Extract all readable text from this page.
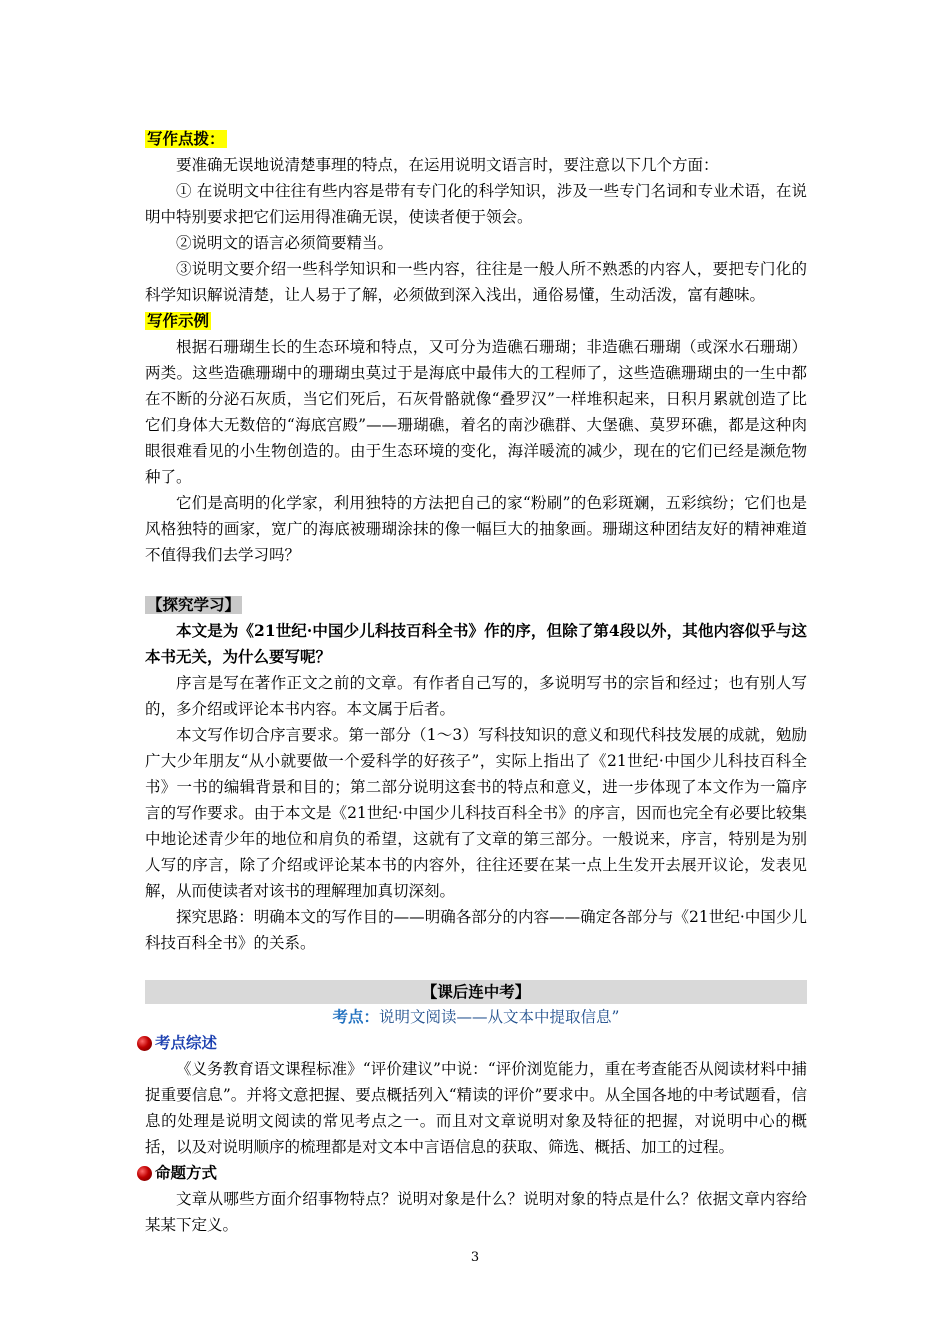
写作点拨：

要准确无误地说清楚事理的特点，在运用说明文语言时，要注意以下几个方面：

① 在说明文中往往有些内容是带有专门化的科学知识，涉及一些专门名词和专业术语，在说明中特别要求把它们运用得准确无误，使读者便于领会。

②说明文的语言必须简要精当。

③说明文要介绍一些科学知识和一些内容，往往是一般人所不熟悉的内容人，要把专门化的科学知识解说清楚，让人易于了解，必须做到深入浅出，通俗易懂，生动活泼，富有趣味。

写作示例

根据石珊瑚生长的生态环境和特点，又可分为造礁石珊瑚；非造礁石珊瑚（或深水石珊瑚）两类。这些造礁珊瑚中的珊瑚虫莫过于是海底中最伟大的工程师了，这些造礁珊瑚虫的一生中都在不断的分泌石灰质，当它们死后，石灰骨骼就像“叠罗汉”一样堆积起来，日积月累就创造了比它们身体大无数倍的“海底宫殿”——珊瑚礁，着名的南沙礁群、大堡礁、莫罗环礁，都是这种肉眼很难看见的小生物创造的。由于生态环境的变化，海洋暖流的减少，现在的它们已经是濒危物种了。

它们是高明的化学家，利用独特的方法把自己的家“粉刷”的色彩斑斓，五彩缤纷；它们也是风格独特的画家，宽广的海底被珊瑚涂抹的像一幅巨大的抽象画。珊瑚这种团结友好的精神难道不值得我们去学习吗？

【探究学习】

本文是为《21世纪·中国少儿科技百科全书》作的序，但除了第4段以外，其他内容似乎与这本书无关，为什么要写呢？

序言是写在著作正文之前的文章。有作者自己写的，多说明写书的宗旨和经过；也有别人写的，多介绍或评论本书内容。本文属于后者。

本文写作切合序言要求。第一部分（1～3）写科技知识的意义和现代科技发展的成就，勉励广大少年朋友“从小就要做一个爱科学的好孩子”，实际上指出了《21世纪·中国少儿科技百科全书》一书的编辑背景和目的；第二部分说明这套书的特点和意义，进一步体现了本文作为一篇序言的写作要求。由于本文是《21世纪·中国少儿科技百科全书》的序言，因而也完全有必要比较集中地论述青少年的地位和肩负的希望，这就有了文章的第三部分。一般说来，序言，特别是为别人写的序言，除了介绍或评论某本书的内容外，往往还要在某一点上生发开去展开议论，发表见解，从而使读者对该书的理解理加真切深刻。

探究思路：明确本文的写作目的——明确各部分的内容——确定各部分与《21世纪·中国少儿科技百科全书》的关系。

【课后连中考】
考点：说明文阅读——从文本中提取信息”

考点综述

《义务教育语文课程标准》“评价建议”中说：“评价浏览能力，重在考查能否从阅读材料中捕捉重要信息”。并将文意把握、要点概括列入“精读的评价”要求中。从全国各地的中考试题看，信息的处理是说明文阅读的常见考点之一。而且对文章说明对象及特征的把握，对说明中心的概括，以及对说明顺序的梳理都是对文本中言语信息的获取、筛选、概括、加工的过程。

命题方式

文章从哪些方面介绍事物特点？说明对象是什么？说明对象的特点是什么？依据文章内容给某某下定义。

3
